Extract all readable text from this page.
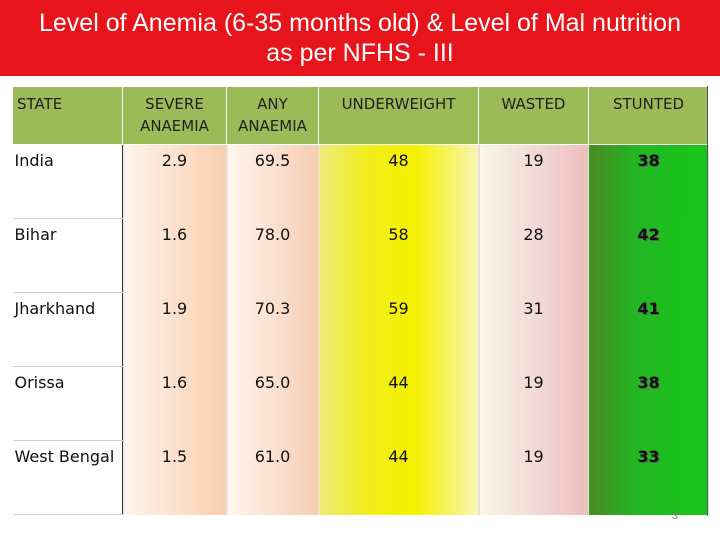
Level of Anemia (6-35 months old) & Level of Mal nutrition
as per NFHS - III
STATE	SEVERE ANAEMIA	ANY ANAEMIA	UNDERWEIGHT	WASTED	STUNTED
India	2.9	69.5	48	19	38
Bihar	1.6	78.0	58	28	42
Jharkhand	1.9	70.3	59	31	41
Orissa	1.6	65.0	44	19	38
West Bengal	1.5	61.0	44	19	33
3
